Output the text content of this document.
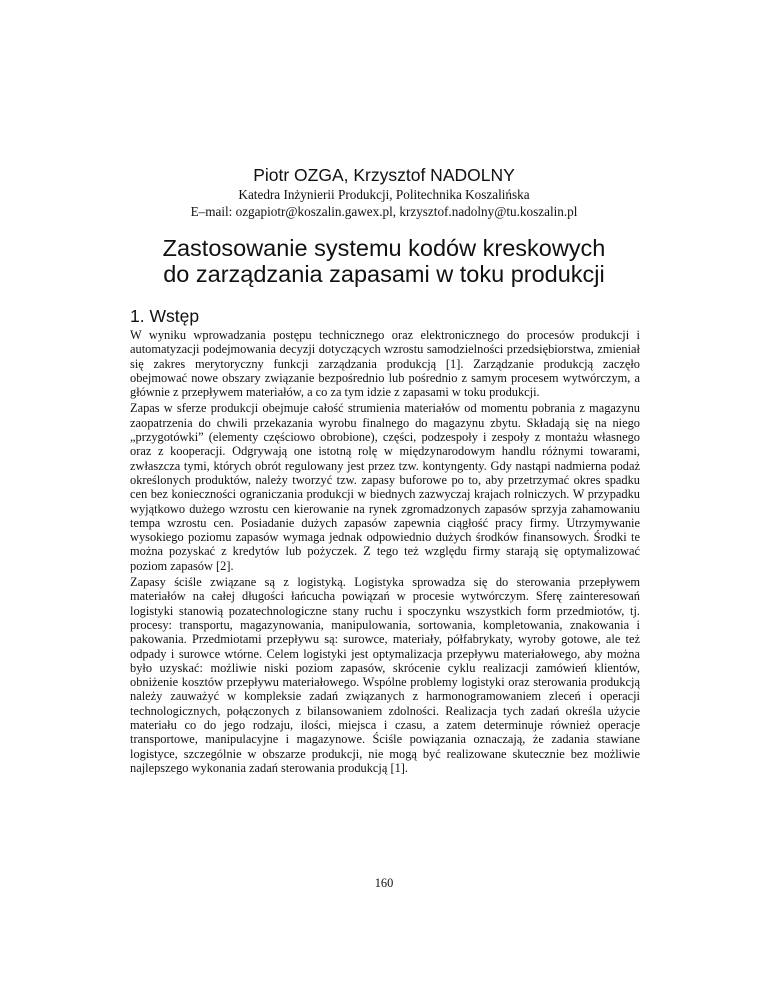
Piotr OZGA, Krzysztof NADOLNY
Katedra Inżynierii Produkcji, Politechnika Koszalińska
E–mail: ozgapiotr@koszalin.gawex.pl, krzysztof.nadolny@tu.koszalin.pl
Zastosowanie systemu kodów kreskowych
do zarządzania zapasami w toku produkcji
1. Wstęp

W wyniku wprowadzania postępu technicznego oraz elektronicznego do procesów produkcji i automatyzacji podejmowania decyzji dotyczących wzrostu samodzielności przedsiębiorstwa, zmieniał się zakres merytoryczny funkcji zarządzania produkcją [1]. Zarządzanie produkcją zaczęło obejmować nowe obszary związanie bezpośrednio lub pośrednio z samym procesem wytwórczym, a głównie z przepływem materiałów, a co za tym idzie z zapasami w toku produkcji.

Zapas w sferze produkcji obejmuje całość strumienia materiałów od momentu pobrania z magazynu zaopatrzenia do chwili przekazania wyrobu finalnego do magazynu zbytu. Składają się na niego „przygotówki” (elementy częściowo obrobione), części, podzespoły i zespoły z montażu własnego oraz z kooperacji. Odgrywają one istotną rolę w międzynarodowym handlu różnymi towarami, zwłaszcza tymi, których obrót regulowany jest przez tzw. kontyngenty. Gdy nastąpi nadmierna podaż określonych produktów, należy tworzyć tzw. zapasy buforowe po to, aby przetrzymać okres spadku cen bez konieczności ograniczania produkcji w biednych zazwyczaj krajach rolniczych. W przypadku wyjątkowo dużego wzrostu cen kierowanie na rynek zgromadzonych zapasów sprzyja zahamowaniu tempa wzrostu cen. Posiadanie dużych zapasów zapewnia ciągłość pracy firmy. Utrzymywanie wysokiego poziomu zapasów wymaga jednak odpowiednio dużych środków finansowych. Środki te można pozyskać z kredytów lub pożyczek. Z tego też względu firmy starają się optymalizować poziom zapasów [2].

Zapasy ściśle związane są z logistyką. Logistyka sprowadza się do sterowania przepływem materiałów na całej długości łańcucha powiązań w procesie wytwórczym. Sferę zainteresowań logistyki stanowią pozatechnologiczne stany ruchu i spoczynku wszystkich form przedmiotów, tj. procesy: transportu, magazynowania, manipulowania, sortowania, kompletowania, znakowania i pakowania. Przedmiotami przepływu są: surowce, materiały, półfabrykaty, wyroby gotowe, ale też odpady i surowce wtórne. Celem logistyki jest optymalizacja przepływu materiałowego, aby można było uzyskać: możliwie niski poziom zapasów, skrócenie cyklu realizacji zamówień klientów, obniżenie kosztów przepływu materiałowego. Wspólne problemy logistyki oraz sterowania produkcją należy zauważyć w kompleksie zadań związanych z harmonogramowaniem zleceń i operacji technologicznych, połączonych z bilansowaniem zdolności. Realizacja tych zadań określa użycie materiału co do jego rodzaju, ilości, miejsca i czasu, a zatem determinuje również operacje transportowe, manipulacyjne i magazynowe. Ściśle powiązania oznaczają, że zadania stawiane logistyce, szczególnie w obszarze produkcji, nie mogą być realizowane skutecznie bez możliwie najlepszego wykonania zadań sterowania produkcją [1].

160
